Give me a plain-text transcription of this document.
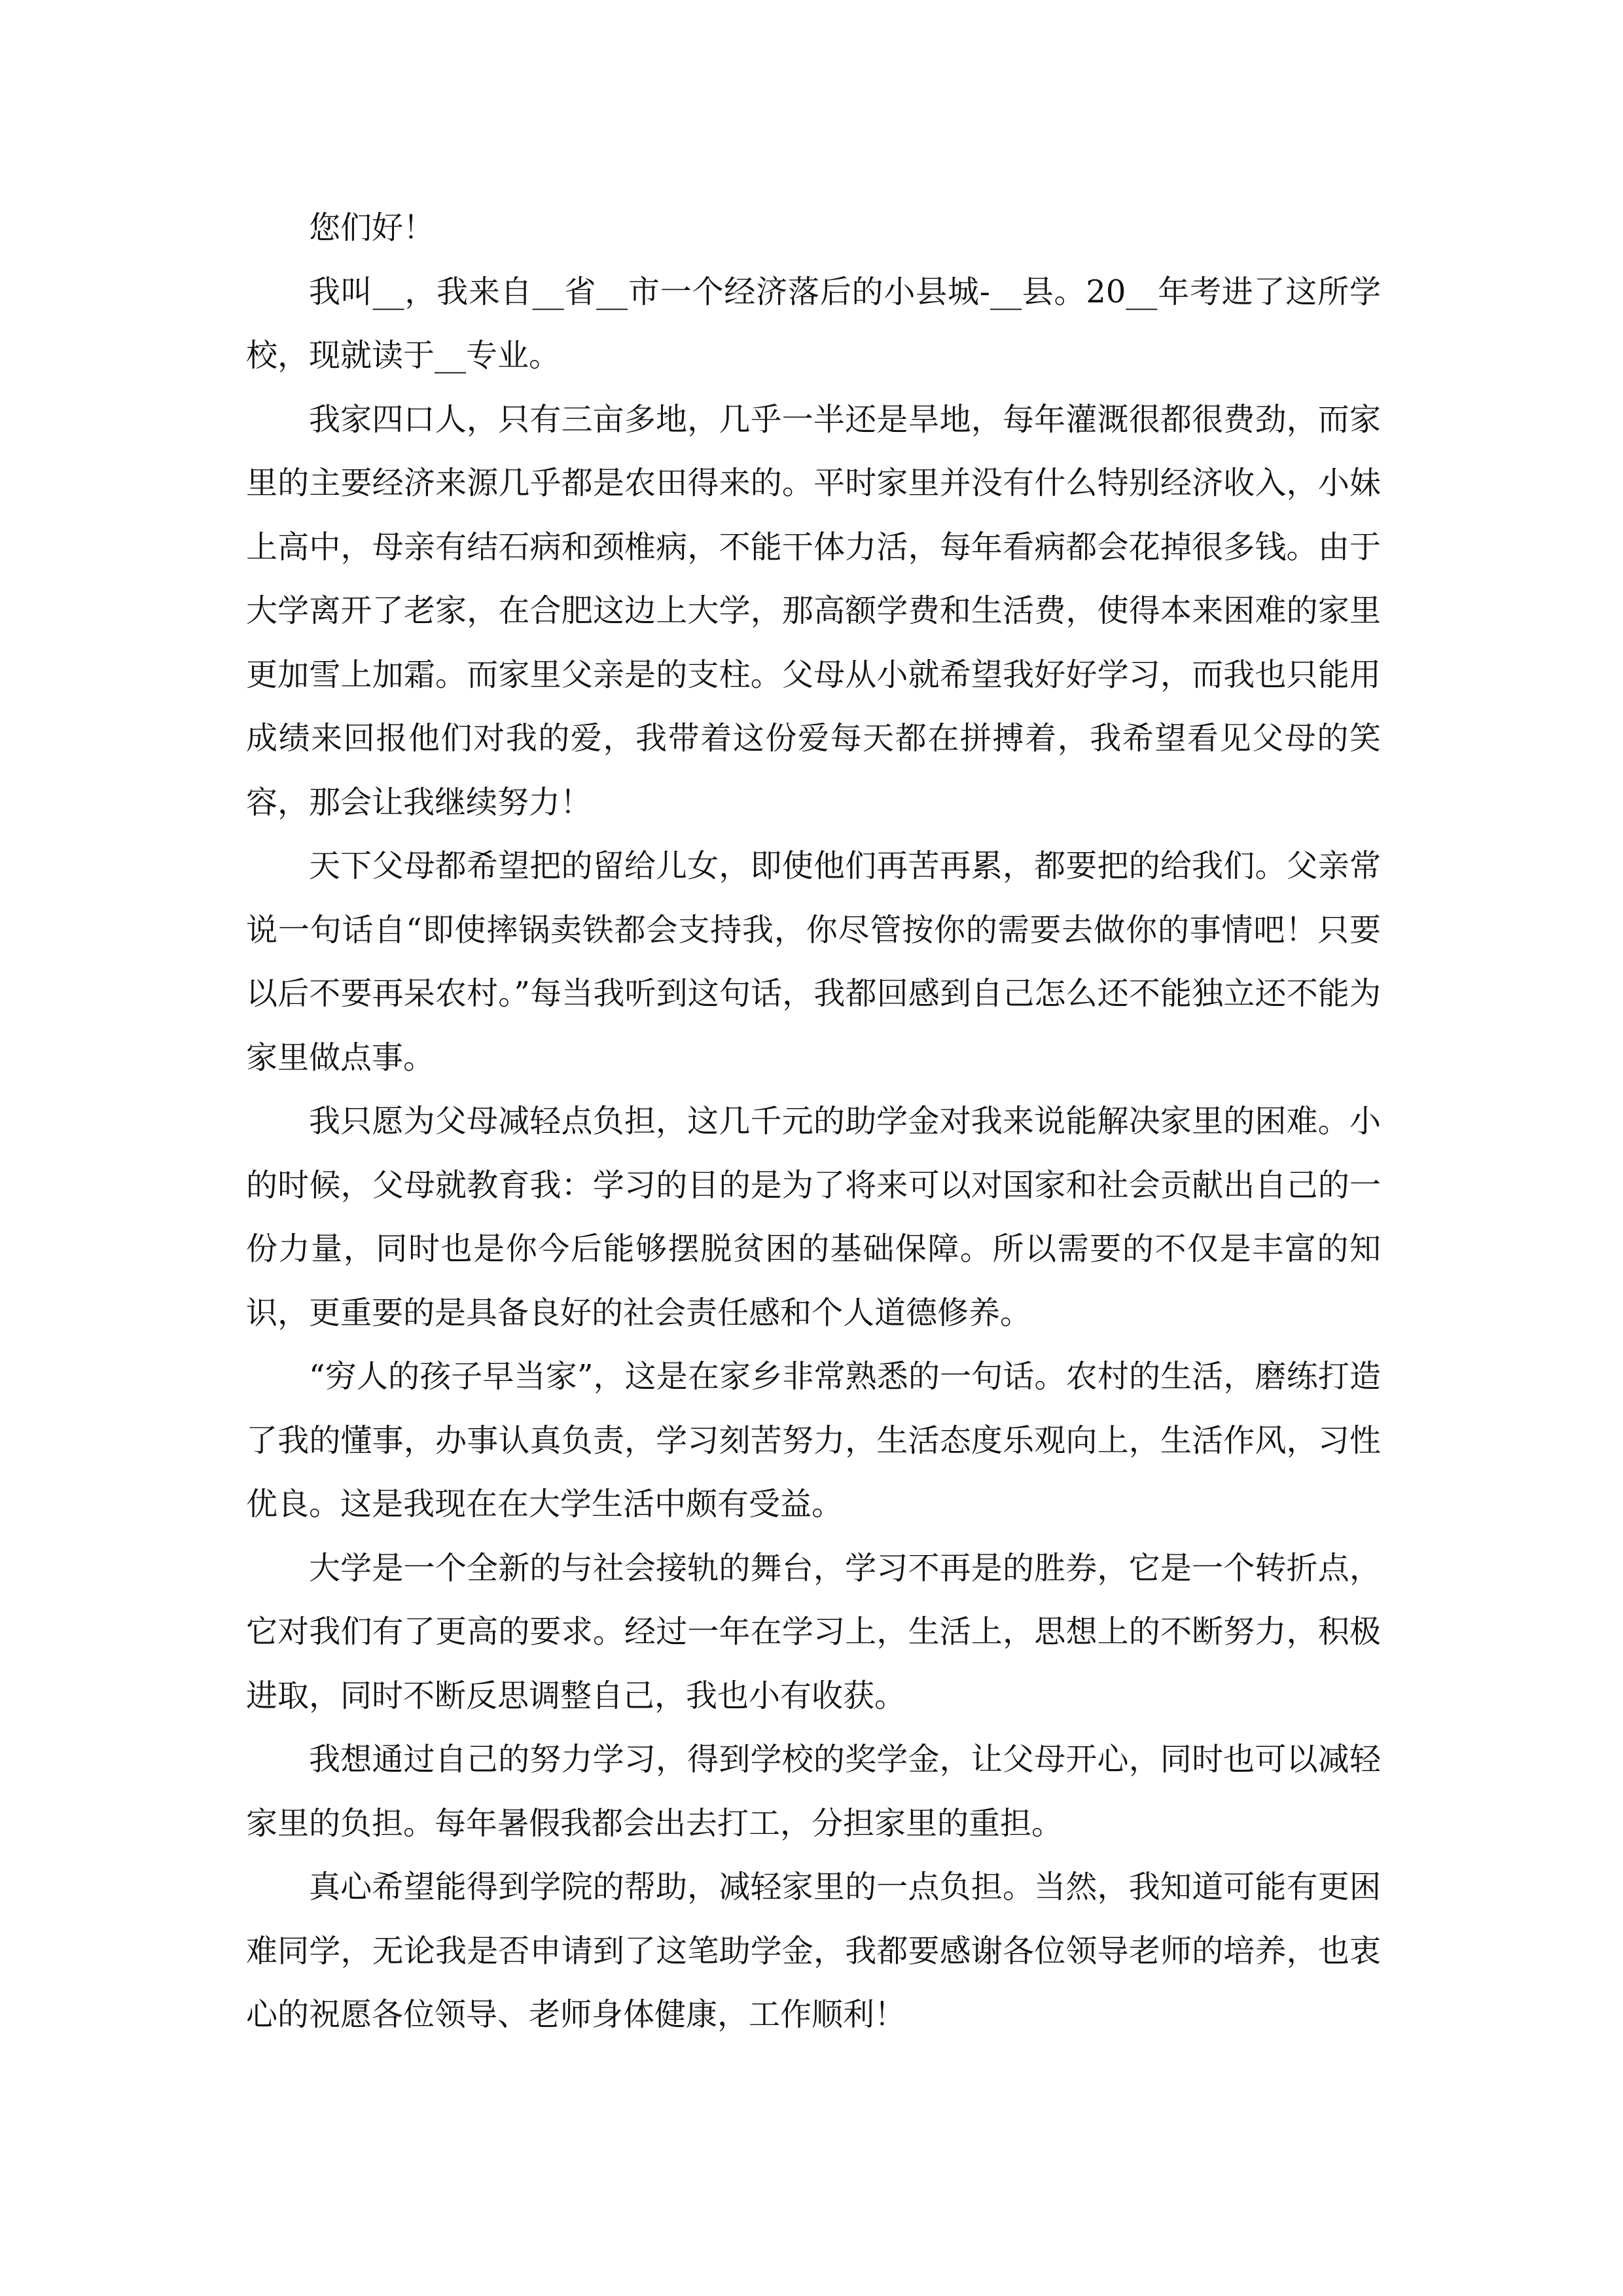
您们好！

我叫__，我来自__省__市一个经济落后的小县城-__县。20__年考进了这所学校，现就读于__专业。

我家四口人，只有三亩多地，几乎一半还是旱地，每年灌溉很都很费劲，而家里的主要经济来源几乎都是农田得来的。平时家里并没有什么特别经济收入，小妹上高中，母亲有结石病和颈椎病，不能干体力活，每年看病都会花掉很多钱。由于大学离开了老家，在合肥这边上大学，那高额学费和生活费，使得本来困难的家里更加雪上加霜。而家里父亲是的支柱。父母从小就希望我好好学习，而我也只能用成绩来回报他们对我的爱，我带着这份爱每天都在拼搏着，我希望看见父母的笑容，那会让我继续努力！

天下父母都希望把的留给儿女，即使他们再苦再累，都要把的给我们。父亲常说一句话自“即使摔锅卖铁都会支持我，你尽管按你的需要去做你的事情吧！只要以后不要再呆农村。”每当我听到这句话，我都回感到自己怎么还不能独立还不能为家里做点事。

我只愿为父母减轻点负担，这几千元的助学金对我来说能解决家里的困难。小的时候，父母就教育我：学习的目的是为了将来可以对国家和社会贡献出自己的一份力量，同时也是你今后能够摆脱贫困的基础保障。所以需要的不仅是丰富的知识，更重要的是具备良好的社会责任感和个人道德修养。

“穷人的孩子早当家”，这是在家乡非常熟悉的一句话。农村的生活，磨练打造了我的懂事，办事认真负责，学习刻苦努力，生活态度乐观向上，生活作风，习性优良。这是我现在在大学生活中颇有受益。

大学是一个全新的与社会接轨的舞台，学习不再是的胜券，它是一个转折点，它对我们有了更高的要求。经过一年在学习上，生活上，思想上的不断努力，积极进取，同时不断反思调整自己，我也小有收获。

我想通过自己的努力学习，得到学校的奖学金，让父母开心，同时也可以减轻家里的负担。每年暑假我都会出去打工，分担家里的重担。

真心希望能得到学院的帮助，减轻家里的一点负担。当然，我知道可能有更困难同学，无论我是否申请到了这笔助学金，我都要感谢各位领导老师的培养，也衷心的祝愿各位领导、老师身体健康，工作顺利！
